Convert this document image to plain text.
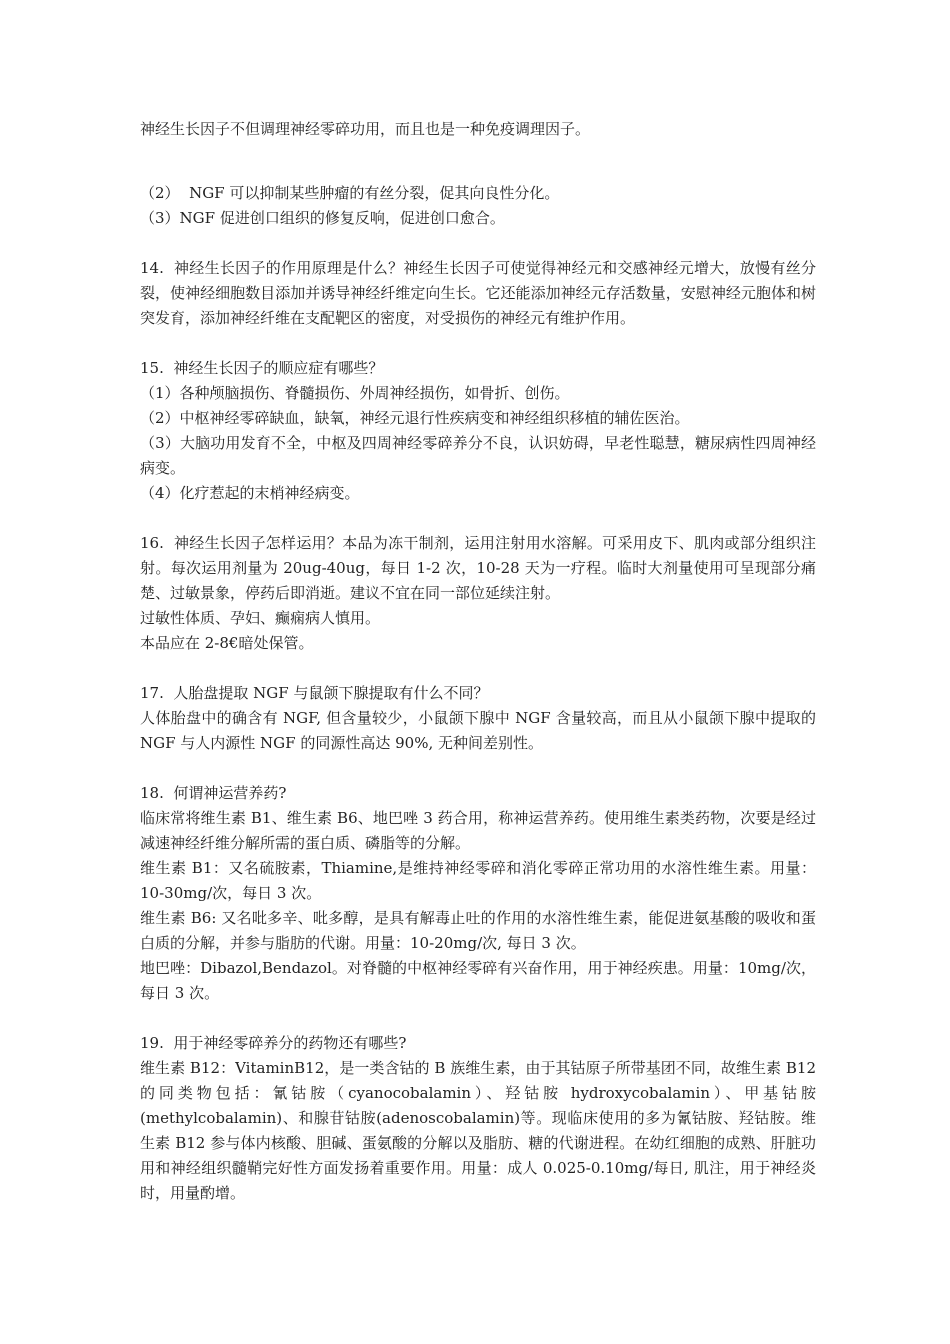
神经生长因子不但调理神经零碎功用，而且也是一种免疫调理因子。

（2）  NGF 可以抑制某些肿瘤的有丝分裂，促其向良性分化。

（3）NGF 促进创口组织的修复反响，促进创口愈合。

14.  神经生长因子的作用原理是什么？神经生长因子可使觉得神经元和交感神经元增大，放慢有丝分裂，使神经细胞数目添加并诱导神经纤维定向生长。它还能添加神经元存活数量，安慰神经元胞体和树突发育，添加神经纤维在支配靶区的密度，对受损伤的神经元有维护作用。

15.  神经生长因子的顺应症有哪些？

（1）各种颅脑损伤、脊髓损伤、外周神经损伤，如骨折、创伤。

（2）中枢神经零碎缺血，缺氧，神经元退行性疾病变和神经组织移植的辅佐医治。

（3）大脑功用发育不全，中枢及四周神经零碎养分不良，认识妨碍，早老性聪慧，糖尿病性四周神经病变。

（4）化疗惹起的末梢神经病变。

16.  神经生长因子怎样运用？本品为冻干制剂，运用注射用水溶解。可采用皮下、肌肉或部分组织注射。每次运用剂量为 20ug-40ug，每日 1-2 次，10-28 天为一疗程。临时大剂量使用可呈现部分痛楚、过敏景象，停药后即消逝。建议不宜在同一部位延续注射。

过敏性体质、孕妇、癫痫病人慎用。

本品应在 2-8€暗处保管。

17.  人胎盘提取 NGF 与鼠颌下腺提取有什么不同？

人体胎盘中的确含有 NGF, 但含量较少，小鼠颌下腺中 NGF 含量较高，而且从小鼠颌下腺中提取的 NGF 与人内源性 NGF 的同源性高达 90%, 无种间差别性。

18.  何谓神运营养药?

临床常将维生素 B1、维生素 B6、地巴唑 3 药合用，称神运营养药。使用维生素类药物，次要是经过减速神经纤维分解所需的蛋白质、磷脂等的分解。

维生素 B1：又名硫胺素，Thiamine,是维持神经零碎和消化零碎正常功用的水溶性维生素。用量：10-30mg/次，每日 3 次。

维生素 B6: 又名吡多辛、吡多醇，是具有解毒止吐的作用的水溶性维生素，能促进氨基酸的吸收和蛋白质的分解，并参与脂肪的代谢。用量：10-20mg/次, 每日 3 次。

地巴唑：Dibazol,Bendazol。对脊髓的中枢神经零碎有兴奋作用，用于神经疾患。用量：10mg/次，每日 3 次。

19.  用于神经零碎养分的药物还有哪些?

维生素 B12：VitaminB12，是一类含钴的 B 族维生素，由于其钴原子所带基团不同，故维生素 B12 的同类物包括：氰钴胺（cyanocobalamin）、羟钴胺 hydroxycobalamin）、甲基钴胺(methylcobalamin)、和腺苷钴胺(adenoscobalamin)等。现临床使用的多为氰钴胺、羟钴胺。维生素 B12 参与体内核酸、胆碱、蛋氨酸的分解以及脂肪、糖的代谢进程。在幼红细胞的成熟、肝脏功用和神经组织髓鞘完好性方面发扬着重要作用。用量：成人 0.025-0.10mg/每日, 肌注，用于神经炎时，用量酌增。
